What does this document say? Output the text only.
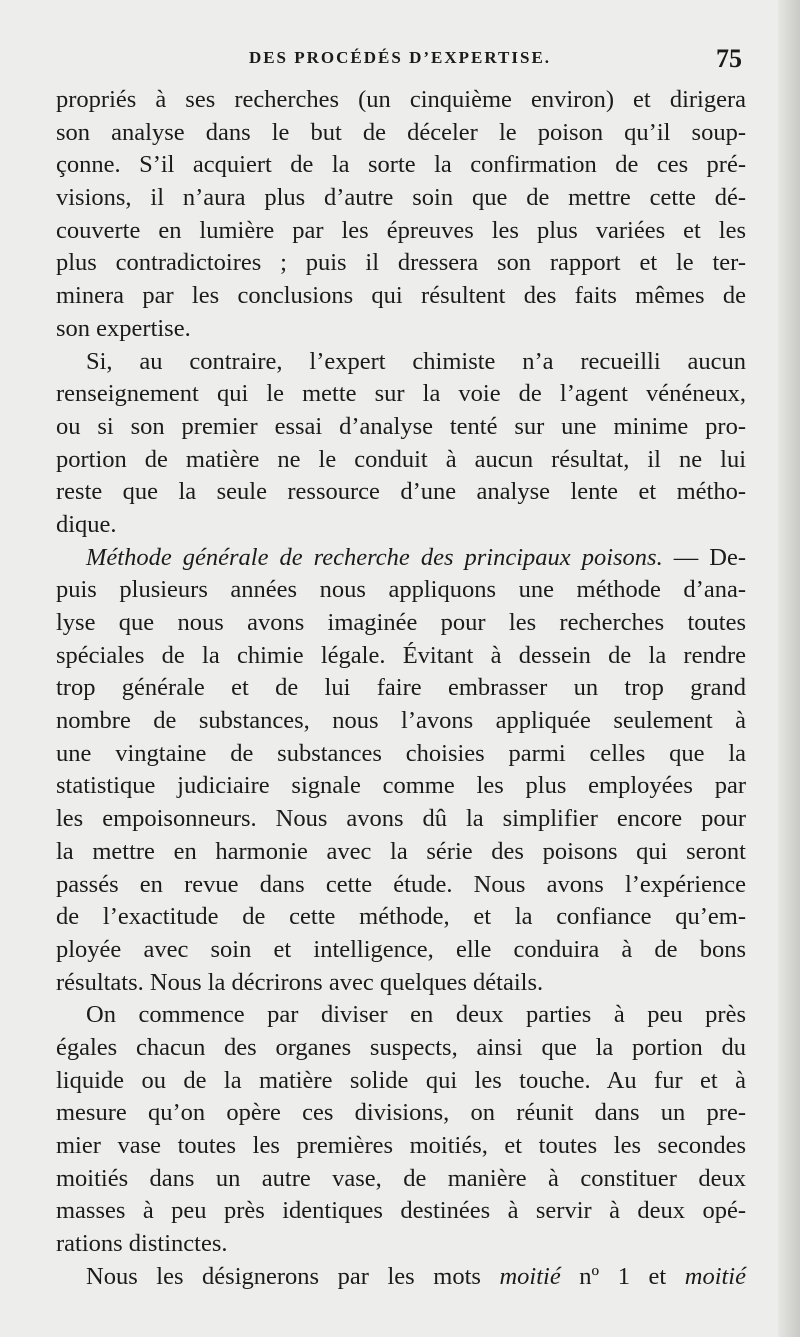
DES PROCÉDÉS D’EXPERTISE.	75
propriés à ses recherches (un cinquième environ) et dirigera
son analyse dans le but de déceler le poison qu’il soup-
çonne. S’il acquiert de la sorte la confirmation de ces pré-
visions, il n’aura plus d’autre soin que de mettre cette dé-
couverte en lumière par les épreuves les plus variées et les
plus contradictoires ; puis il dressera son rapport et le ter-
minera par les conclusions qui résultent des faits mêmes de
son expertise.
Si, au contraire, l’expert chimiste n’a recueilli aucun
renseignement qui le mette sur la voie de l’agent vénéneux,
ou si son premier essai d’analyse tenté sur une minime pro-
portion de matière ne le conduit à aucun résultat, il ne lui
reste que la seule ressource d’une analyse lente et métho-
dique.
Méthode générale de recherche des principaux poisons. — De-
puis plusieurs années nous appliquons une méthode d’ana-
lyse que nous avons imaginée pour les recherches toutes
spéciales de la chimie légale. Évitant à dessein de la rendre
trop générale et de lui faire embrasser un trop grand
nombre de substances, nous l’avons appliquée seulement à
une vingtaine de substances choisies parmi celles que la
statistique judiciaire signale comme les plus employées par
les empoisonneurs. Nous avons dû la simplifier encore pour
la mettre en harmonie avec la série des poisons qui seront
passés en revue dans cette étude. Nous avons l’expérience
de l’exactitude de cette méthode, et la confiance qu’em-
ployée avec soin et intelligence, elle conduira à de bons
résultats. Nous la décrirons avec quelques détails.
On commence par diviser en deux parties à peu près
égales chacun des organes suspects, ainsi que la portion du
liquide ou de la matière solide qui les touche. Au fur et à
mesure qu’on opère ces divisions, on réunit dans un pre-
mier vase toutes les premières moitiés, et toutes les secondes
moitiés dans un autre vase, de manière à constituer deux
masses à peu près identiques destinées à servir à deux opé-
rations distinctes.
Nous les désignerons par les mots moitié nº 1 et moitié
